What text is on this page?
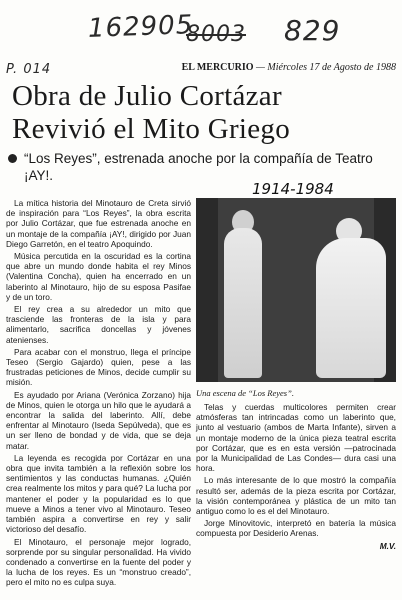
162905
8003 829
P. 014	EL MERCURIO — Miércoles 17 de Agosto de 1988
Obra de Julio Cortázar
Revivió el Mito Griego
“Los Reyes”, estrenada anoche por la compañía de Teatro ¡AY!.

La mítica historia del Minotauro de Creta sirvió de inspiración para “Los Reyes”, la obra escrita por Julio Cortázar, que fue estrenada anoche en un montaje de la compañía ¡AY!, dirigido por Juan Diego Garretón, en el teatro Apoquindo.

Música percutida en la oscuridad es la cortina que abre un mundo donde habita el rey Minos (Valentina Concha), quien ha encerrado en un laberinto al Minotauro, hijo de su esposa Pasifae y de un toro.

El rey crea a su alrededor un mito que trasciende las fronteras de la isla y para alimentarlo, sacrifica doncellas y jóvenes atenienses.

Para acabar con el monstruo, llega el príncipe Teseo (Sergio Gajardo) quien, pese a las frustradas peticiones de Minos, decide cumplir su misión.

Es ayudado por Ariana (Verónica Zorzano) hija de Minos, quien le otorga un hilo que le ayudará a encontrar la salida del laberinto. Allí, debe enfrentar al Minotauro (Iseda Sepúlveda), que es un ser lleno de bondad y de vida, que se deja matar.

La leyenda es recogida por Cortázar en una obra que invita también a la reflexión sobre los sentimientos y las conductas humanas. ¿Quién crea realmente los mitos y para qué? La lucha por mantener el poder y la popularidad es lo que mueve a Minos a tener vivo al Minotauro. Teseo también aspira a convertirse en rey y salir victorioso del desafío.

El Minotauro, el personaje mejor logrado, sorprende por su singular personalidad. Ha vivido condenado a convertirse en la fuente del poder y la lucha de los reyes. Es un “monstruo creado”, pero el mito no es culpa suya.

1914-1984
Una escena de “Los Reyes”.

Telas y cuerdas multicolores permiten crear atmósferas tan intrincadas como un laberinto que, junto al vestuario (ambos de Marta Infante), sirven a un montaje moderno de la única pieza teatral escrita por Cortázar, que es en esta versión —patrocinada por la Municipalidad de Las Condes— dura casi una hora.

Lo más interesante de lo que mostró la compañía resultó ser, además de la pieza escrita por Cortázar, la visión contemporánea y plástica de un mito tan antiguo como lo es el del Minotauro.

Jorge Minovitovic, interpretó en batería la música compuesta por Desiderio Arenas.

M.V.
